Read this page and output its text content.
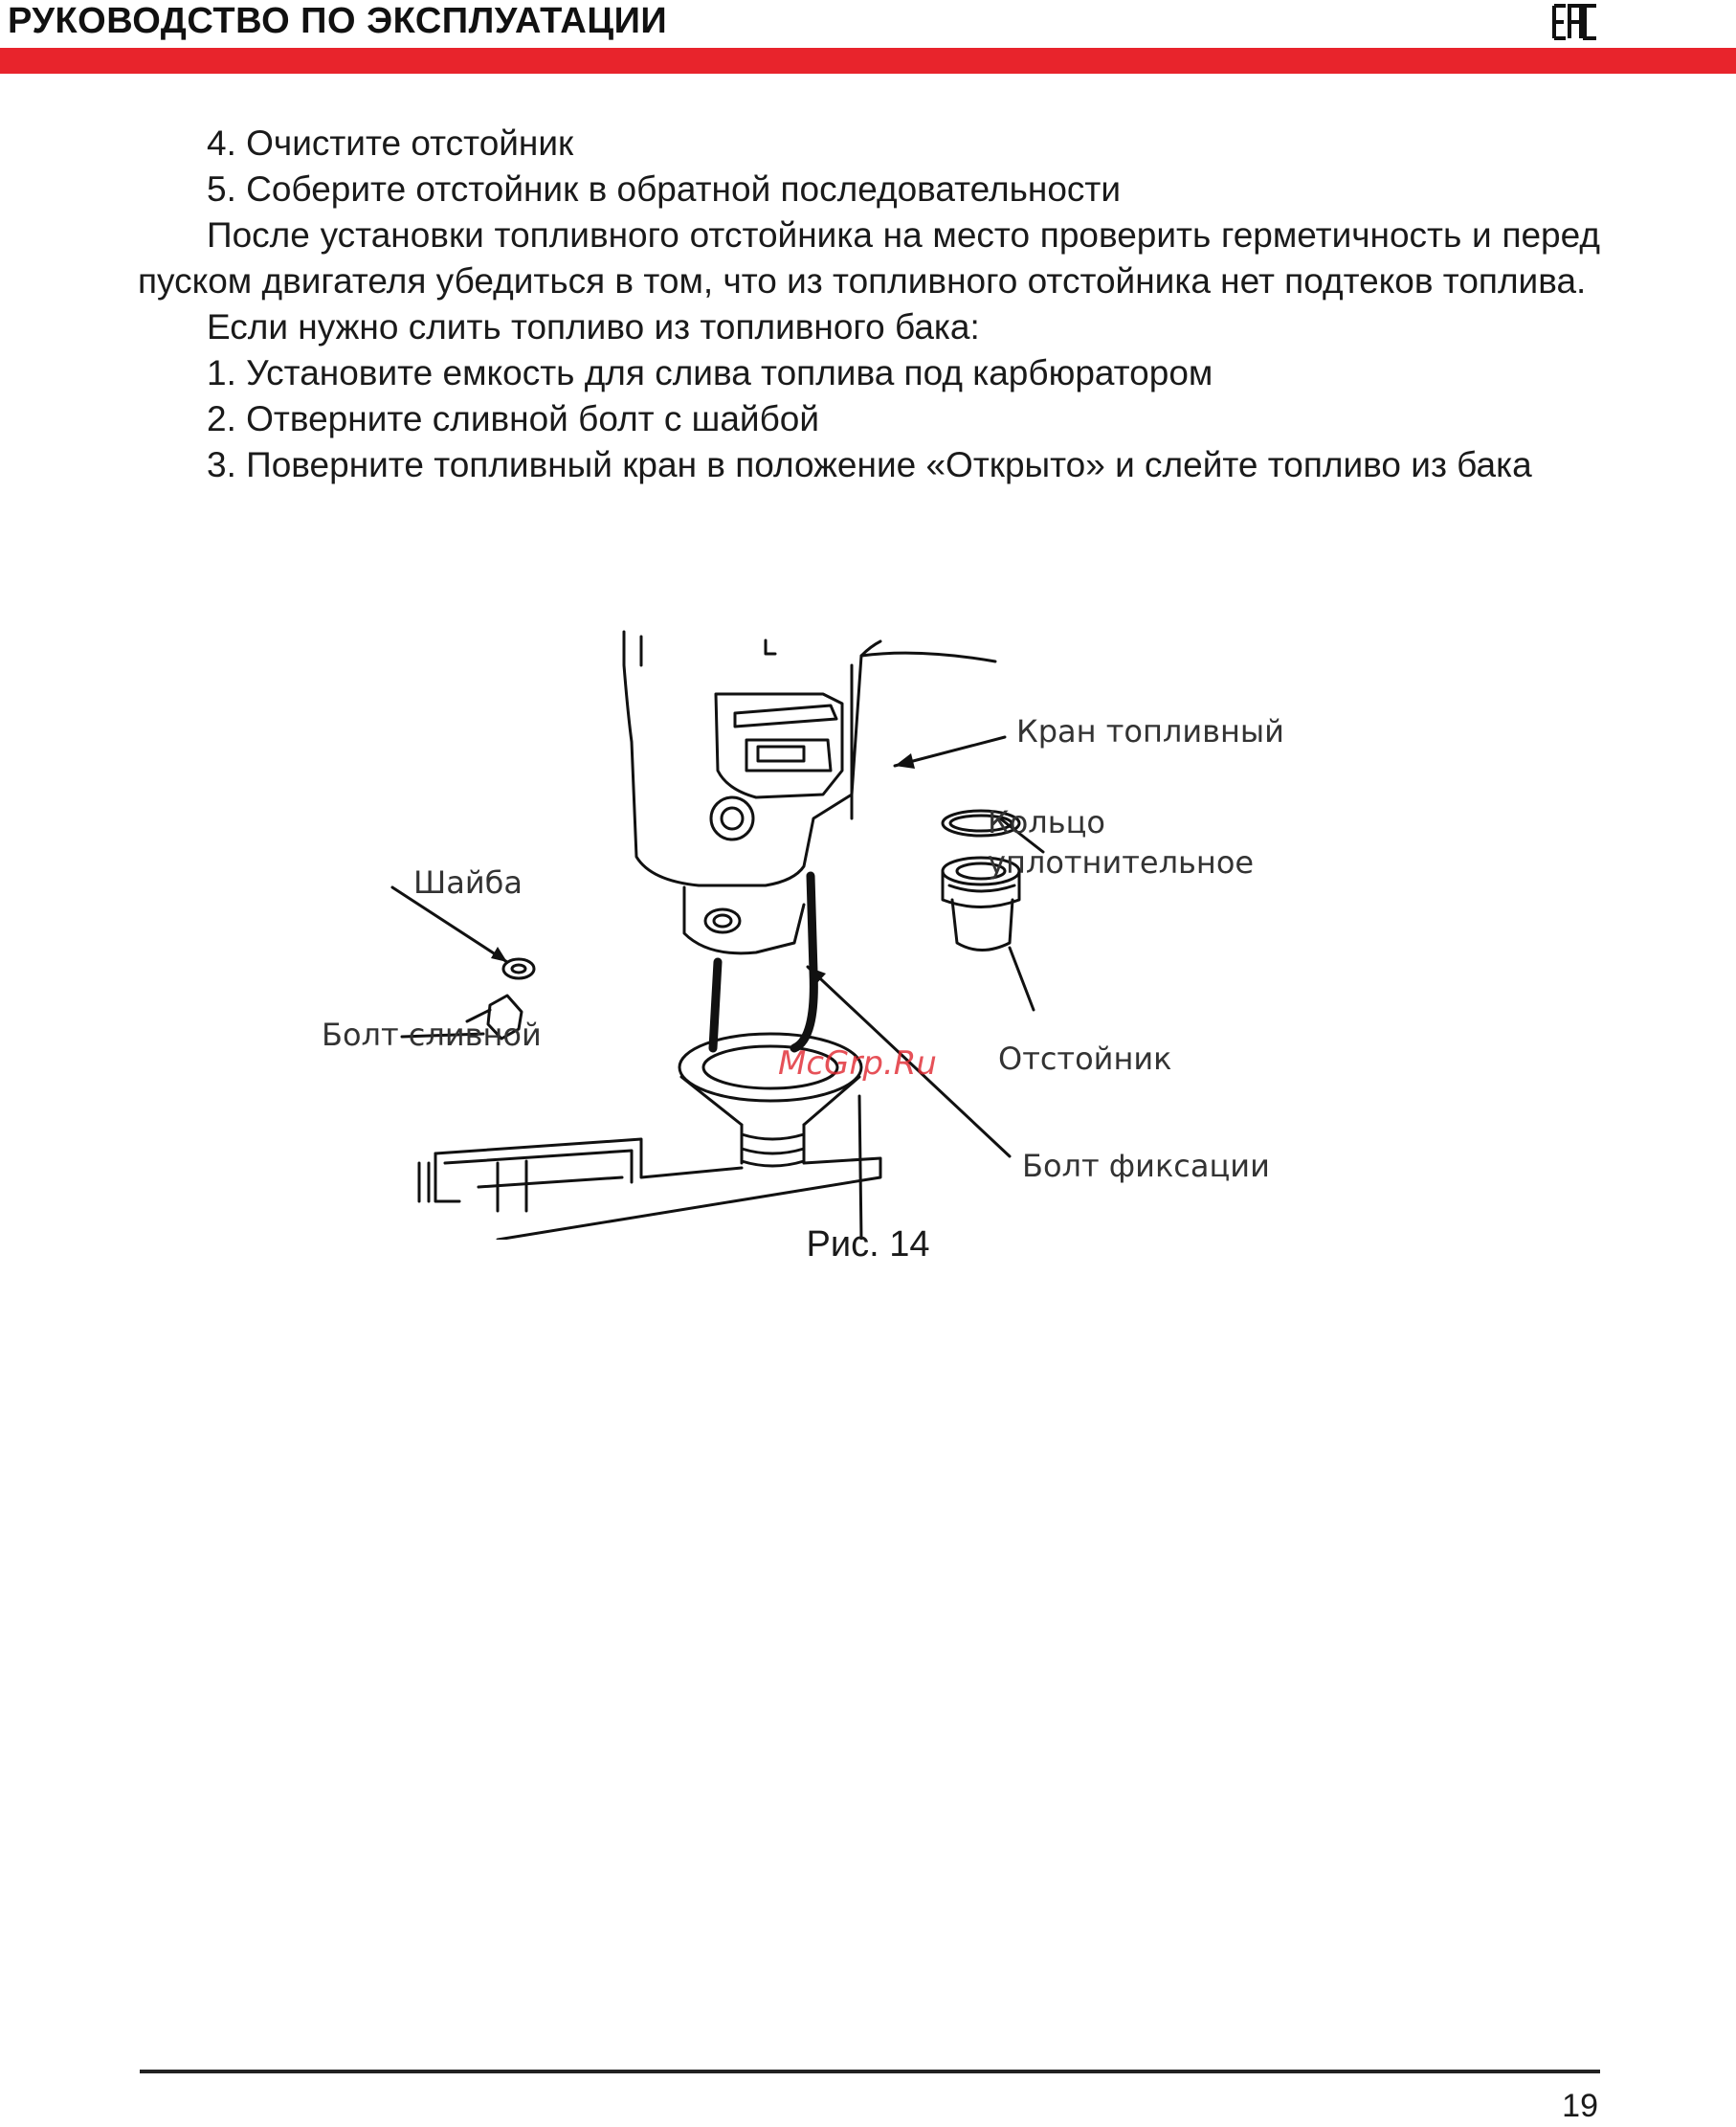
РУКОВОДСТВО ПО ЭКСПЛУАТАЦИИ

4. Очистите отстойник

5. Соберите отстойник в обратной последовательности

После установки топливного отстойника на место проверить герметичность и перед пуском двигателя убедиться в том, что из топливного отстойника нет подтеков топлива.

Если нужно слить топливо из топливного бака:

1. Установите емкость для слива топлива под карбюратором

2. Отверните сливной болт с шайбой

3. Поверните топливный кран в положение «Открыто» и слейте топливо из бака

Кран топливный
Кольцо
уплотнительное
Шайба
Болт сливной
Отстойник
Болт фиксации
McGrp.Ru
Рис. 14
19
